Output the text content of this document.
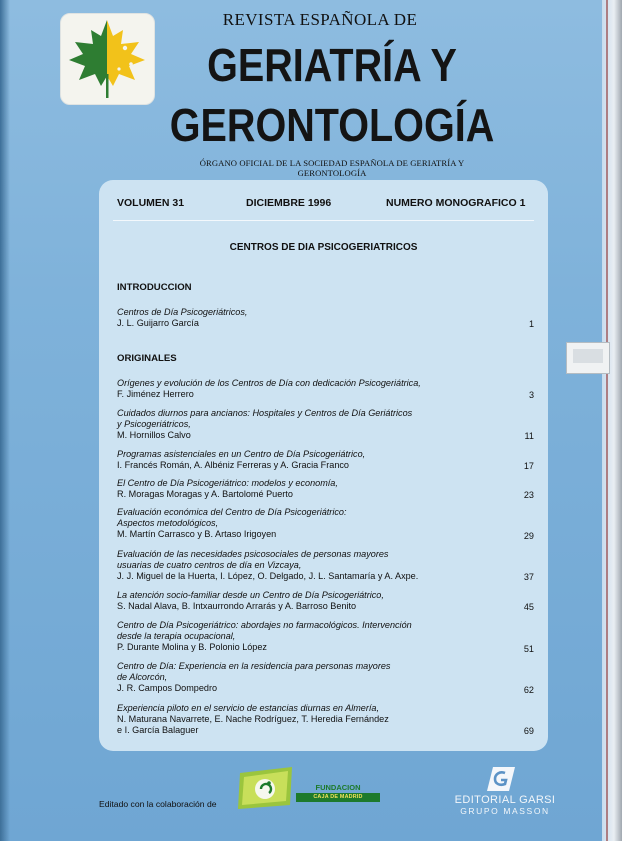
REVISTA ESPAÑOLA DE
GERIATRÍA Y
GERONTOLOGÍA
ÓRGANO OFICIAL DE LA SOCIEDAD ESPAÑOLA DE GERIATRÍA Y GERONTOLOGÍA
VOLUMEN 31	DICIEMBRE 1996	NUMERO MONOGRAFICO 1
CENTROS DE DIA PSICOGERIATRICOS
INTRODUCCION
Centros de Día Psicogeriátricos,
J. L. Guijarro García	1
ORIGINALES
Orígenes y evolución de los Centros de Día con dedicación Psicogeriátrica,
F. Jiménez Herrero	3
Cuidados diurnos para ancianos: Hospitales y Centros de Día Geriátricos
y Psicogeriátricos,
M. Hornillos Calvo	11
Programas asistenciales en un Centro de Día Psicogeriátrico,
I. Francés Román, A. Albéniz Ferreras y A. Gracia Franco	17
El Centro de Día Psicogeriátrico: modelos y economía,
R. Moragas Moragas y A. Bartolomé Puerto	23
Evaluación económica del Centro de Día Psicogeriátrico:
Aspectos metodológicos,
M. Martín Carrasco y B. Artaso Irigoyen	29
Evaluación de las necesidades psicosociales de personas mayores
usuarias de cuatro centros de día en Vizcaya,
J. J. Miguel de la Huerta, I. López, O. Delgado, J. L. Santamaría y A. Axpe.	37
La atención socio-familiar desde un Centro de Día Psicogeriátrico,
S. Nadal Alava, B. Intxaurrondo Arrarás y A. Barroso Benito	45
Centro de Día Psicogeriátrico: abordajes no farmacológicos. Intervención
desde la terapia ocupacional,
P. Durante Molina y B. Polonio López	51
Centro de Día: Experiencia en la residencia para personas mayores
de Alcorcón,
J. R. Campos Dompedro	62
Experiencia piloto en el servicio de estancias diurnas en Almería,
N. Maturana Navarrete, E. Nache Rodríguez, T. Heredia Fernández
e I. García Balaguer	69
Editado con la colaboración de
FUNDACION
CAJA DE MADRID	EDITORIAL GARSI
GRUPO MASSON
